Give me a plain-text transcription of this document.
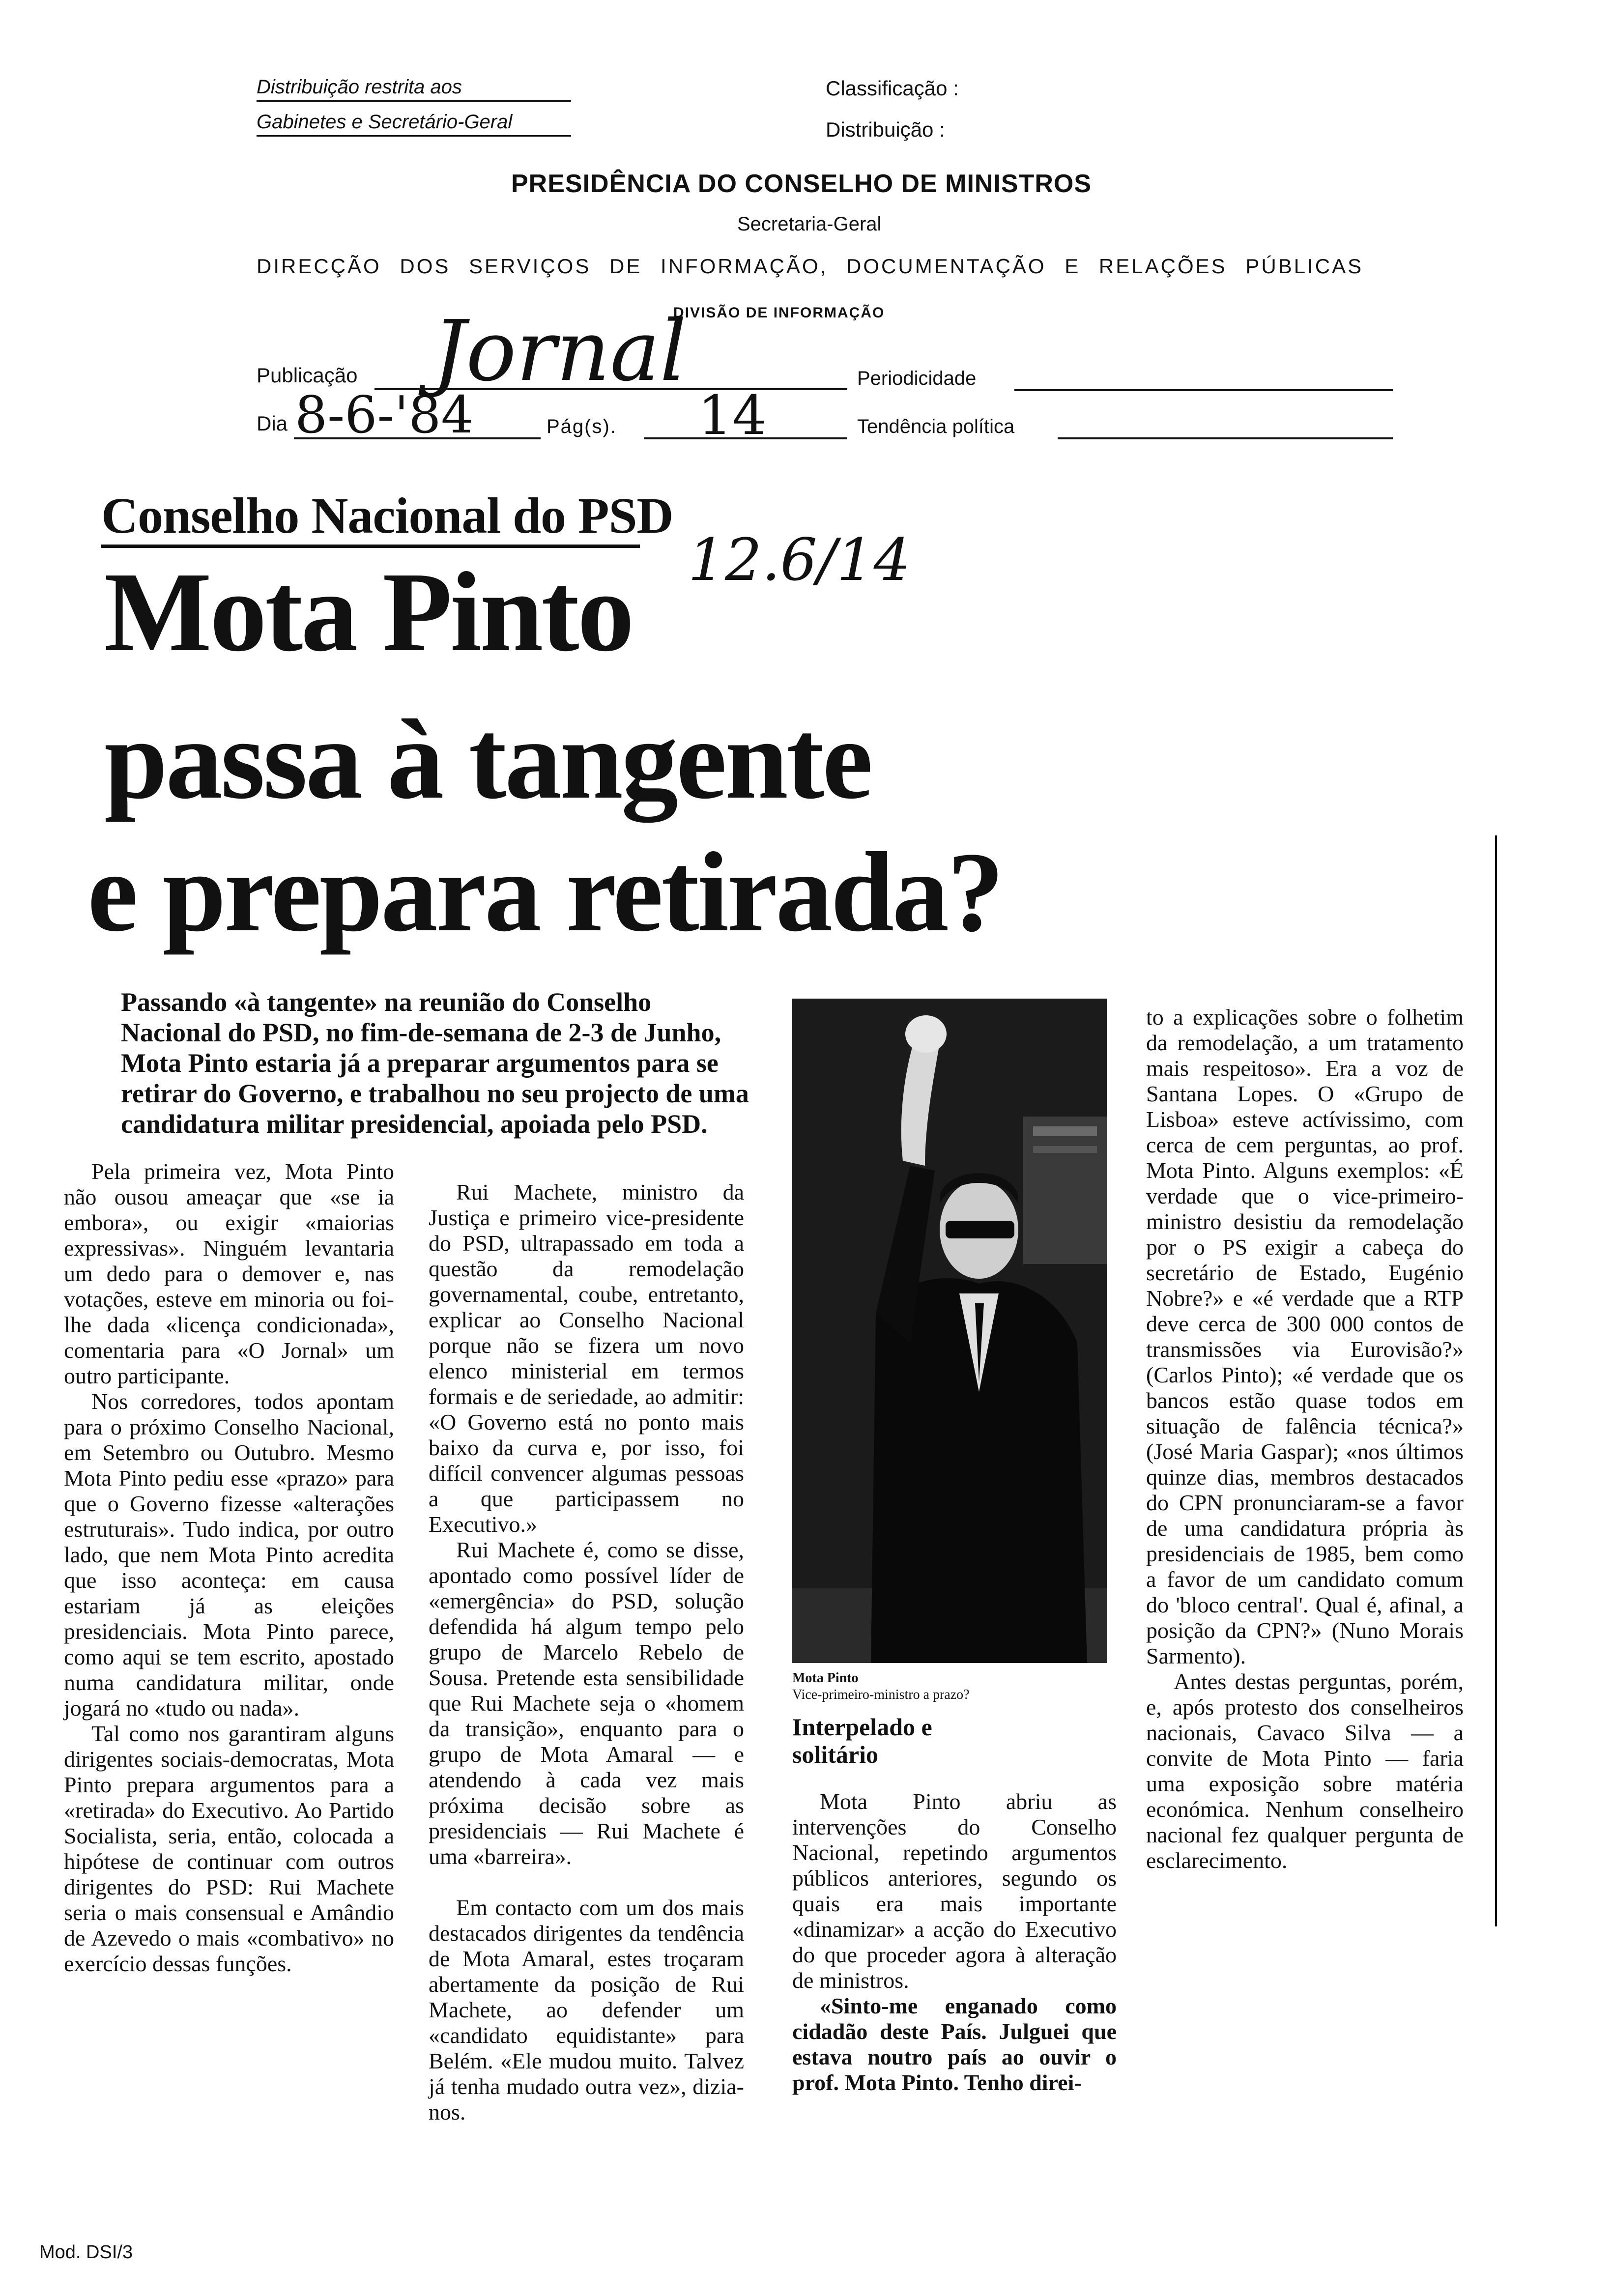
Distribuição restrita aos
Gabinetes e Secretário-Geral
Classificação :
Distribuição :
PRESIDÊNCIA DO CONSELHO DE MINISTROS
Secretaria-Geral
DIRECÇÃO DOS SERVIÇOS DE INFORMAÇÃO, DOCUMENTAÇÃO E RELAÇÕES PÚBLICAS
DIVISÃO DE INFORMAÇÃO
Publicação Jornal	Periodicidade
Dia 8-6-'84	Pág(s). 14	Tendência política
Conselho Nacional do PSD
Mota Pinto 12.6/14
passa à tangente
e prepara retirada?
Passando «à tangente» na reunião do Conselho Nacional do PSD, no fim-de-semana de 2-3 de Junho, Mota Pinto estaria já a preparar argumentos para se retirar do Governo, e trabalhou no seu projecto de uma candidatura militar presidencial, apoiada pelo PSD.

Pela primeira vez, Mota Pinto não ousou ameaçar que «se ia embora», ou exigir «maiorias expressivas». Ninguém levantaria um dedo para o demover e, nas votações, esteve em minoria ou foi-lhe dada «licença condicionada», comentaria para «O Jornal» um outro participante.

Nos corredores, todos apontam para o próximo Conselho Nacional, em Setembro ou Outubro. Mesmo Mota Pinto pediu esse «prazo» para que o Governo fizesse «alterações estruturais». Tudo indica, por outro lado, que nem Mota Pinto acredita que isso aconteça: em causa estariam já as eleições presidenciais. Mota Pinto parece, como aqui se tem escrito, apostado numa candidatura militar, onde jogará no «tudo ou nada».

Tal como nos garantiram alguns dirigentes sociais-democratas, Mota Pinto prepara argumentos para a «retirada» do Executivo. Ao Partido Socialista, seria, então, colocada a hipótese de continuar com outros dirigentes do PSD: Rui Machete seria o mais consensual e Amândio de Azevedo o mais «combativo» no exercício dessas funções.

Rui Machete, ministro da Justiça e primeiro vice-presidente do PSD, ultrapassado em toda a questão da remodelação governamental, coube, entretanto, explicar ao Conselho Nacional porque não se fizera um novo elenco ministerial em termos formais e de seriedade, ao admitir: «O Governo está no ponto mais baixo da curva e, por isso, foi difícil convencer algumas pessoas a que participassem no Executivo.»

Rui Machete é, como se disse, apontado como possível líder de «emergência» do PSD, solução defendida há algum tempo pelo grupo de Marcelo Rebelo de Sousa. Pretende esta sensibilidade que Rui Machete seja o «homem da transição», enquanto para o grupo de Mota Amaral — e atendendo à cada vez mais próxima decisão sobre as presidenciais — Rui Machete é uma «barreira».

Em contacto com um dos mais destacados dirigentes da tendência de Mota Amaral, estes troçaram abertamente da posição de Rui Machete, ao defender um «candidato equidistante» para Belém. «Ele mudou muito. Talvez já tenha mudado outra vez», dizia-nos.

Mota Pinto
Vice-primeiro-ministro a prazo?
Interpelado e solitário

Mota Pinto abriu as intervenções do Conselho Nacional, repetindo argumentos públicos anteriores, segundo os quais era mais importante «dinamizar» a acção do Executivo do que proceder agora à alteração de ministros.

«Sinto-me enganado como cidadão deste País. Julguei que estava noutro país ao ouvir o prof. Mota Pinto. Tenho direi-

to a explicações sobre o folhetim da remodelação, a um tratamento mais respeitoso». Era a voz de Santana Lopes. O «Grupo de Lisboa» esteve actívissimo, com cerca de cem perguntas, ao prof. Mota Pinto. Alguns exemplos: «É verdade que o vice-primeiro-ministro desistiu da remodelação por o PS exigir a cabeça do secretário de Estado, Eugénio Nobre?» e «é verdade que a RTP deve cerca de 300 000 contos de transmissões via Eurovisão?» (Carlos Pinto); «é verdade que os bancos estão quase todos em situação de falência técnica?» (José Maria Gaspar); «nos últimos quinze dias, membros destacados do CPN pronunciaram-se a favor de uma candidatura própria às presidenciais de 1985, bem como a favor de um candidato comum do 'bloco central'. Qual é, afinal, a posição da CPN?» (Nuno Morais Sarmento).

Antes destas perguntas, porém, e, após protesto dos conselheiros nacionais, Cavaco Silva — a convite de Mota Pinto — faria uma exposição sobre matéria económica. Nenhum conselheiro nacional fez qualquer pergunta de esclarecimento.

Mod. DSI/3
